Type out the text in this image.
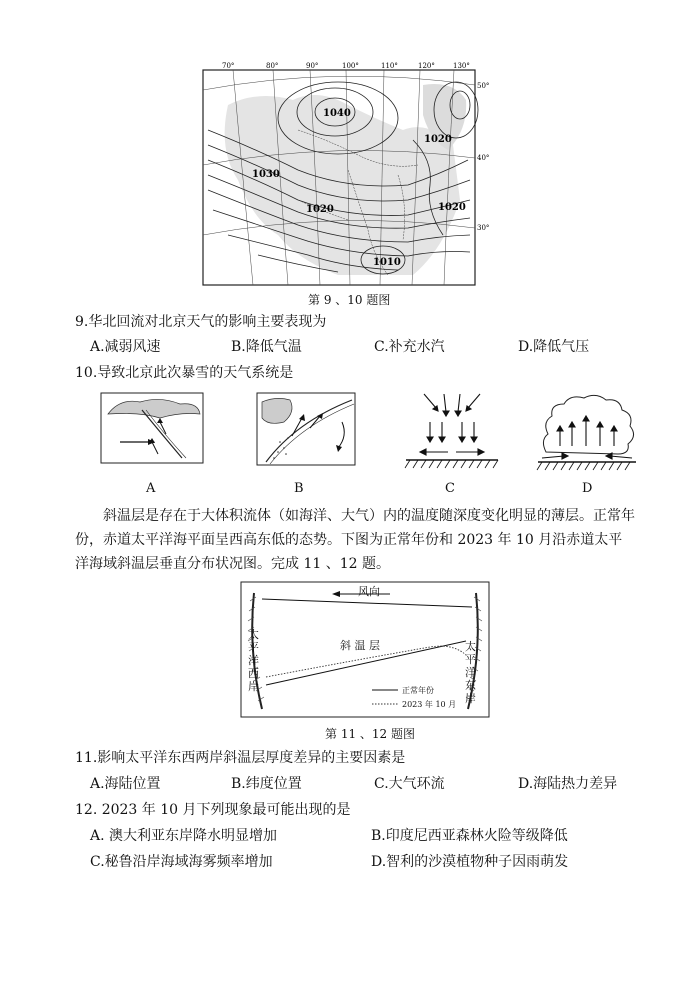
70°	80°	90°	100°	110°	120°	130°
1040
1020
1030
1020	1020
1010
50°
40°
30°
第 9 、10 题图
9.华北回流对北京天气的影响主要表现为
A.减弱风速	B.降低气温	C.补充水汽	D.降低气压
10.导致北京此次暴雪的天气系统是
A	B	C	D
斜温层是存在于大体积流体（如海洋、大气）内的温度随深度变化明显的薄层。正常年份，赤道太平洋海平面呈西高东低的态势。下图为正常年份和 2023 年 10 月沿赤道太平洋海域斜温层垂直分布状况图。完成 11 、12 题。
风向
斜 温 层
太平洋西岸
太平洋东岸
正常年份
2023 年 10 月
第 11 、12 题图
11.影响太平洋东西两岸斜温层厚度差异的主要因素是
A.海陆位置	B.纬度位置	C.大气环流	D.海陆热力差异
12. 2023 年 10 月下列现象最可能出现的是
A. 澳大利亚东岸降水明显增加	B.印度尼西亚森林火险等级降低
C.秘鲁沿岸海域海雾频率增加	D.智利的沙漠植物种子因雨萌发
